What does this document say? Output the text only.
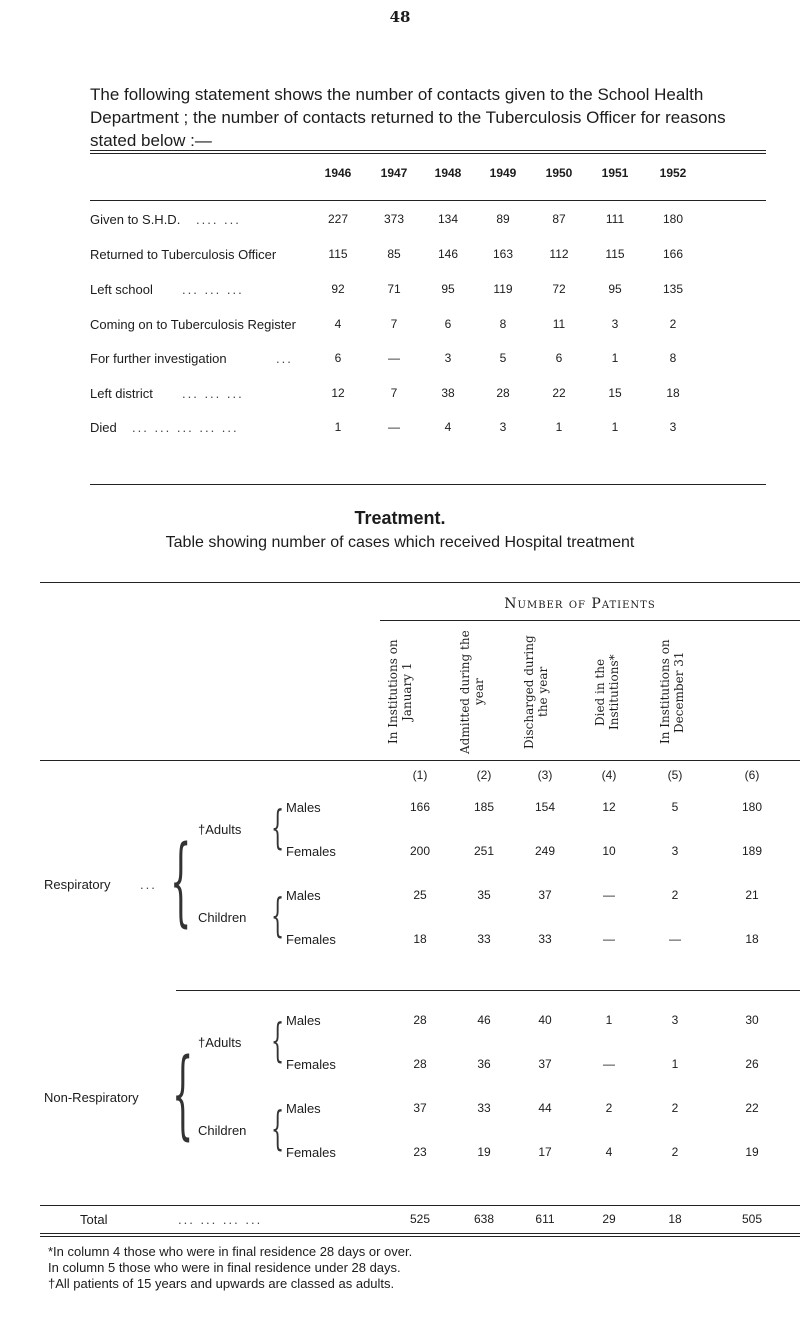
48
The following statement shows the number of contacts given to the School Health Department ; the number of contacts returned to the Tuberculosis Officer for reasons stated below :—
Treatment.
Table showing number of cases which received Hospital treatment
Number of Patients
*In column 4 those who were in final residence 28 days or over.
In column 5 those who were in final residence under 28 days.
†All patients of 15 years and upwards are classed as adults.
1946	1947	1948	1949	1950	1951	1952
Given to S.H.D. .... ...	227	373	134	89	87	111	180
Returned to Tuberculosis Officer	115	85	146	163	112	115	166
Left school ... ... ...	92	71	95	119	72	95	135
Coming on to Tuberculosis Register	4	7	6	8	11	3	2
For further investigation	...	6	—	3	5	6	1	8
Left district ... ... ...	12	7	38	28	22	15	18
Died ... ... ... ... ...	1	—	4	3	1	1	3
In Institutions on January 1	Admitted during the year	Discharged during the year	Died in the Institutions*	In Institutions on December 31
(1)	(2)	(3)	(4)	(5)	(6)
Respiratory ... { †Adults { Males	166	185	154	12	5	180
Females	200	251	249	10	3	189
Children { Males	25	35	37	—	2	21
Females	18	33	33	—	—	18
Non-Respiratory { †Adults { Males	28	46	40	1	3	30
Females	28	36	37	—	1	26
Children { Males	37	33	44	2	2	22
Females	23	19	17	4	2	19
Total	... ... ... ...	525	638	611	29	18	505
